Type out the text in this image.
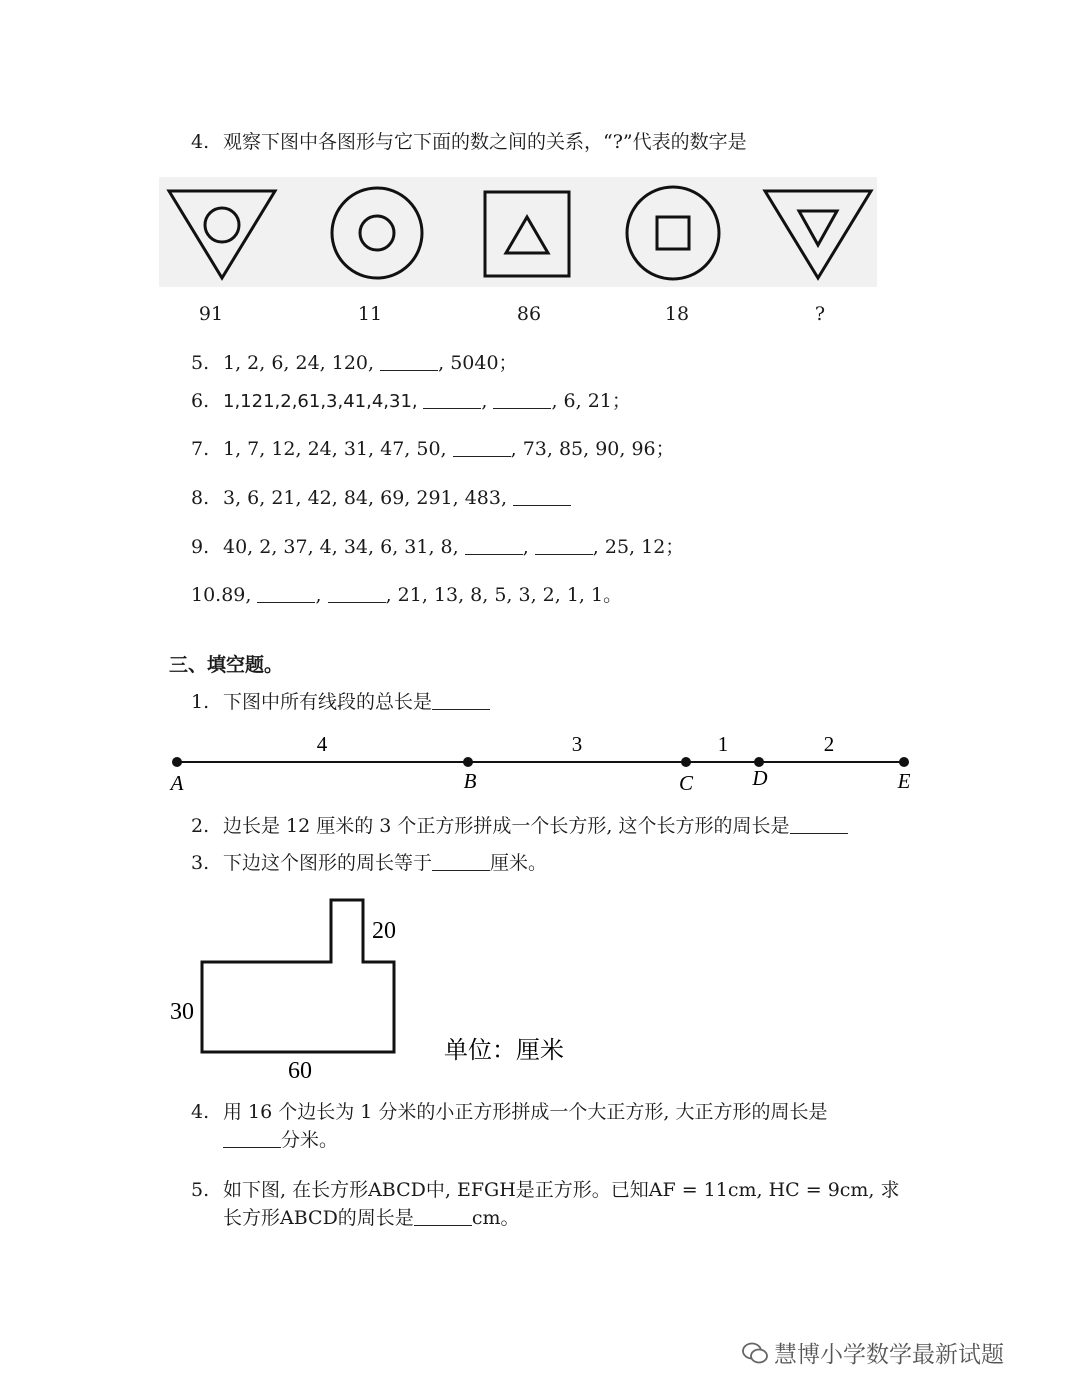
4. 观察下图中各图形与它下面的数之间的关系，“?”代表的数字是
91	11	86	18	?
5. 1, 2, 6, 24, 120,	, 5040；
6. 1,121,2,61,3,41,4,31,	,	, 6, 21；
7. 1, 7, 12, 24, 31, 47, 50,	, 73, 85, 90, 96；
8. 3, 6, 21, 42, 84, 69, 291, 483,
9. 40, 2, 37, 4, 34, 6, 31, 8,	,	, 25, 12；
10.89,	,	, 21, 13, 8, 5, 3, 2, 1, 1。
三、填空题。
1. 下图中所有线段的总长是
4	3	1	2
A	B	C	D	E
2. 边长是 12 厘米的 3 个正方形拼成一个长方形, 这个长方形的周长是
3. 下边这个图形的周长等于	厘米。
20
30
60
单位：厘米
4. 用 16 个边长为 1 分米的小正方形拼成一个大正方形, 大正方形的周长是
分米。
5. 如下图, 在长方形ABCD中, EFGH是正方形。已知AF = 11cm, HC = 9cm, 求
长方形ABCD的周长是	cm。
慧博小学数学最新试题
